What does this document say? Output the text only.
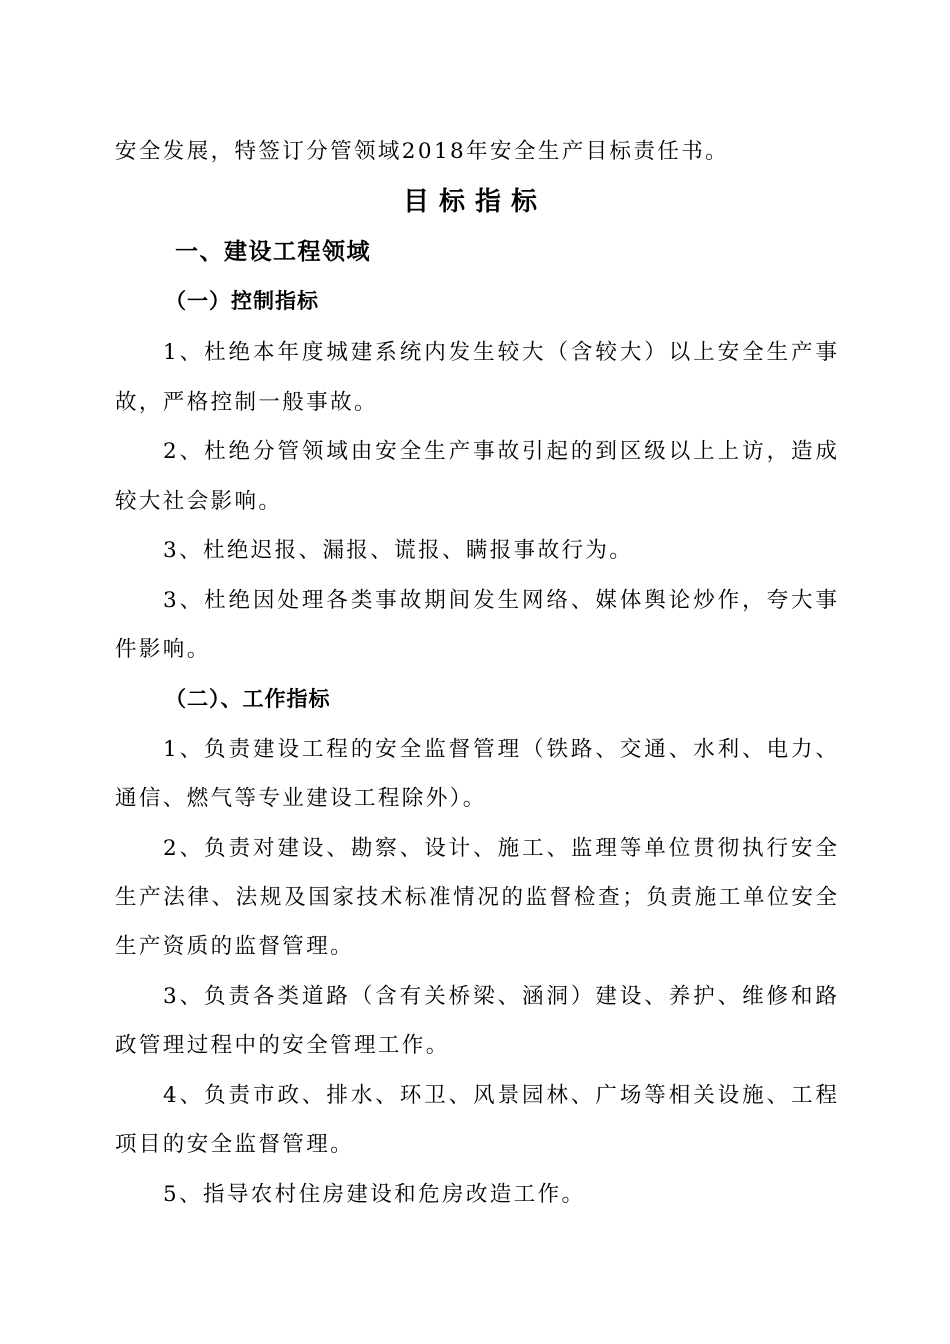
安全发展，特签订分管领域2018年安全生产目标责任书。
目标指标
一、建设工程领域
（一）控制指标
1、杜绝本年度城建系统内发生较大（含较大）以上安全生产事
故，严格控制一般事故。
2、杜绝分管领域由安全生产事故引起的到区级以上上访，造成
较大社会影响。
3、杜绝迟报、漏报、谎报、瞒报事故行为。
3、杜绝因处理各类事故期间发生网络、媒体舆论炒作，夸大事
件影响。
（二）、工作指标
1、负责建设工程的安全监督管理（铁路、交通、水利、电力、
通信、燃气等专业建设工程除外）。
2、负责对建设、勘察、设计、施工、监理等单位贯彻执行安全
生产法律、法规及国家技术标准情况的监督检查；负责施工单位安全
生产资质的监督管理。
3、负责各类道路（含有关桥梁、涵洞）建设、养护、维修和路
政管理过程中的安全管理工作。
4、负责市政、排水、环卫、风景园林、广场等相关设施、工程
项目的安全监督管理。
5、指导农村住房建设和危房改造工作。
